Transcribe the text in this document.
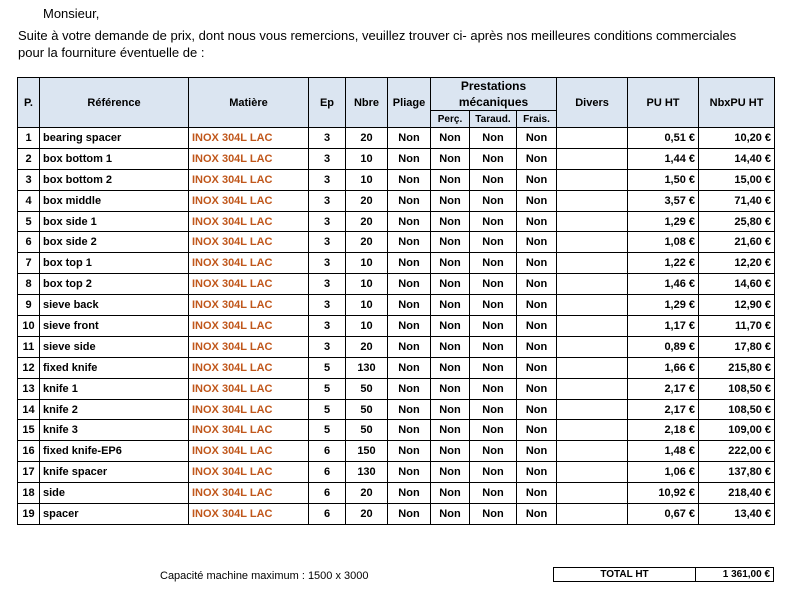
Monsieur,
Suite à votre demande de prix, dont nous vous remercions, veuillez trouver ci- après nos meilleures conditions commerciales pour la fourniture éventuelle de :
P.	Référence	Matière	Ep	Nbre	Pliage	Prestations mécaniques			Divers	PU HT	NbxPU HT
						Perç.	Taraud.	Frais.			
1	bearing spacer	INOX 304L LAC	3	20	Non	Non	Non	Non		0,51 €	10,20 €
2	box bottom 1	INOX 304L LAC	3	10	Non	Non	Non	Non		1,44 €	14,40 €
3	box bottom 2	INOX 304L LAC	3	10	Non	Non	Non	Non		1,50 €	15,00 €
4	box middle	INOX 304L LAC	3	20	Non	Non	Non	Non		3,57 €	71,40 €
5	box side 1	INOX 304L LAC	3	20	Non	Non	Non	Non		1,29 €	25,80 €
6	box side 2	INOX 304L LAC	3	20	Non	Non	Non	Non		1,08 €	21,60 €
7	box top 1	INOX 304L LAC	3	10	Non	Non	Non	Non		1,22 €	12,20 €
8	box top 2	INOX 304L LAC	3	10	Non	Non	Non	Non		1,46 €	14,60 €
9	sieve back	INOX 304L LAC	3	10	Non	Non	Non	Non		1,29 €	12,90 €
10	sieve front	INOX 304L LAC	3	10	Non	Non	Non	Non		1,17 €	11,70 €
11	sieve side	INOX 304L LAC	3	20	Non	Non	Non	Non		0,89 €	17,80 €
12	fixed knife	INOX 304L LAC	5	130	Non	Non	Non	Non		1,66 €	215,80 €
13	knife 1	INOX 304L LAC	5	50	Non	Non	Non	Non		2,17 €	108,50 €
14	knife 2	INOX 304L LAC	5	50	Non	Non	Non	Non		2,17 €	108,50 €
15	knife 3	INOX 304L LAC	5	50	Non	Non	Non	Non		2,18 €	109,00 €
16	fixed knife-EP6	INOX 304L LAC	6	150	Non	Non	Non	Non		1,48 €	222,00 €
17	knife spacer	INOX 304L LAC	6	130	Non	Non	Non	Non		1,06 €	137,80 €
18	side	INOX 304L LAC	6	20	Non	Non	Non	Non		10,92 €	218,40 €
19	spacer	INOX 304L LAC	6	20	Non	Non	Non	Non		0,67 €	13,40 €
Capacité machine maximum : 1500 x 3000	TOTAL HT	1 361,00 €
